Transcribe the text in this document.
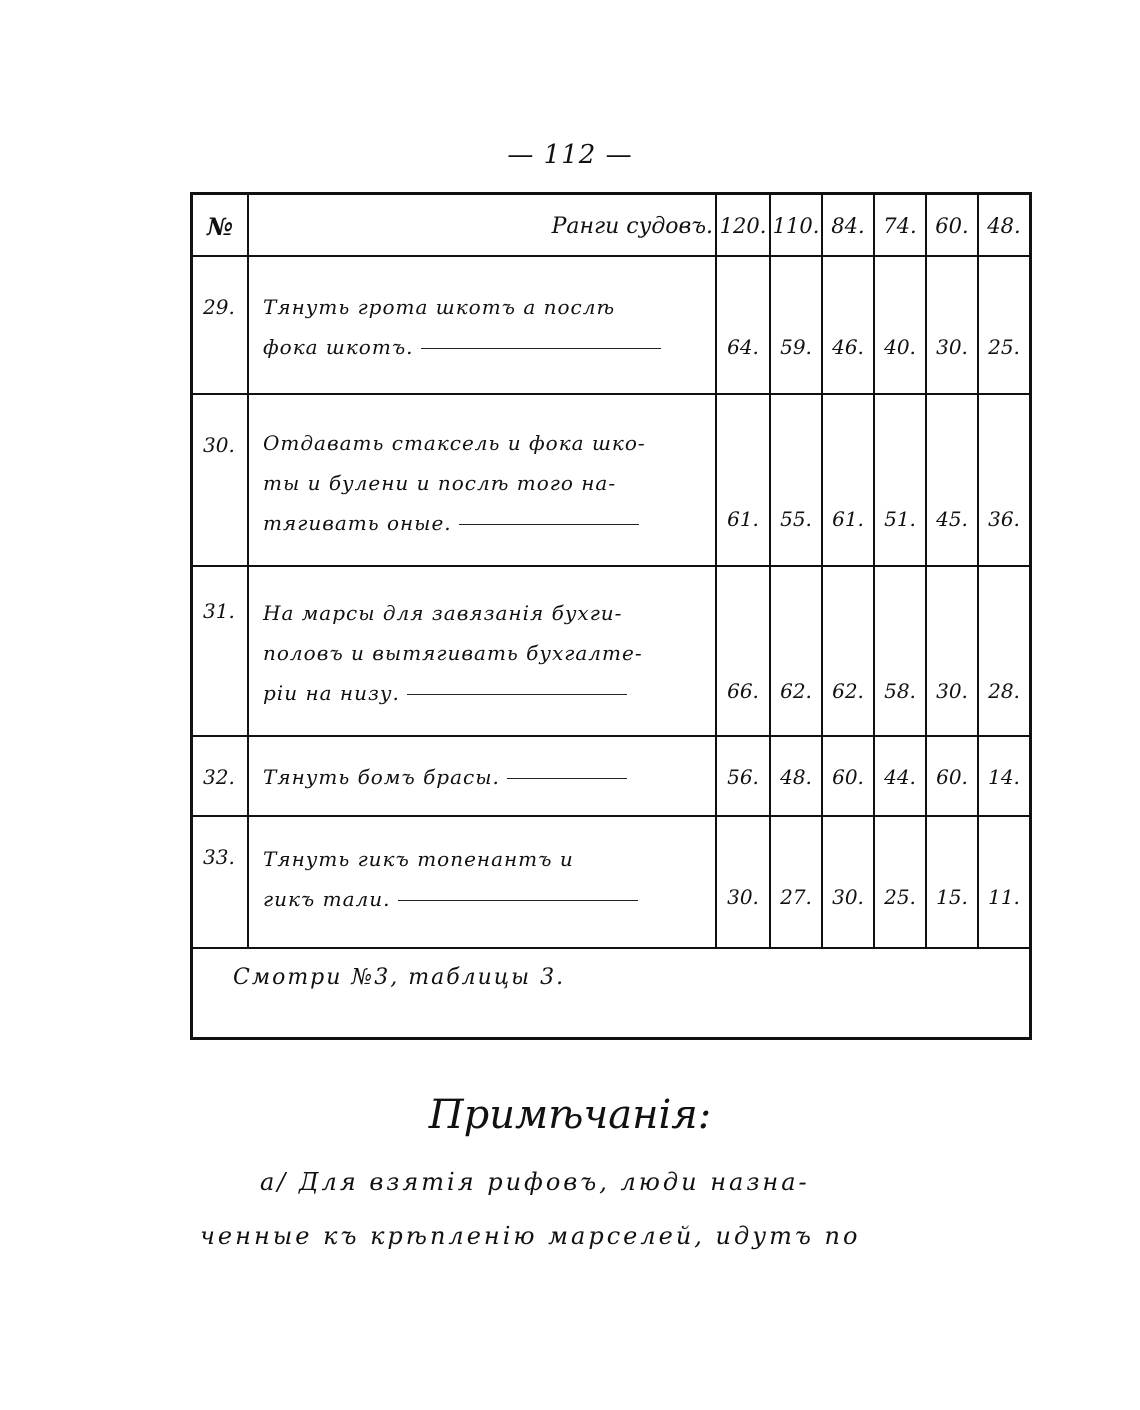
— 112 —
№	Ранги судовъ. 120. 110. 84. 74. 60. 48.
29. Тянуть грота шкотъ а послѣ
фока шкотъ.	64.	59.	46.	40.	30.	25.
30. Отдавать стаксель и фока шко-
ты и булени и послѣ того на-
тягивать оные.	61.	55.	61.	51.	45.	36.
31. На марсы для завязанія бухги-
половъ и вытягивать бухгалте-
ріи на низу.	66.	62.	62.	58.	30.	28.
32. Тянуть бомъ брасы.	56.	48.	60.	44.	60.	14.
33. Тянуть гикъ топенантъ и
гикъ тали.	30.	27.	30.	25.	15.	11.
Смотри №3, таблицы 3.
Примѣчанія:
а/ Для взятія рифовъ, люди назна-
ченные къ крѣпленію марселей, идутъ по
